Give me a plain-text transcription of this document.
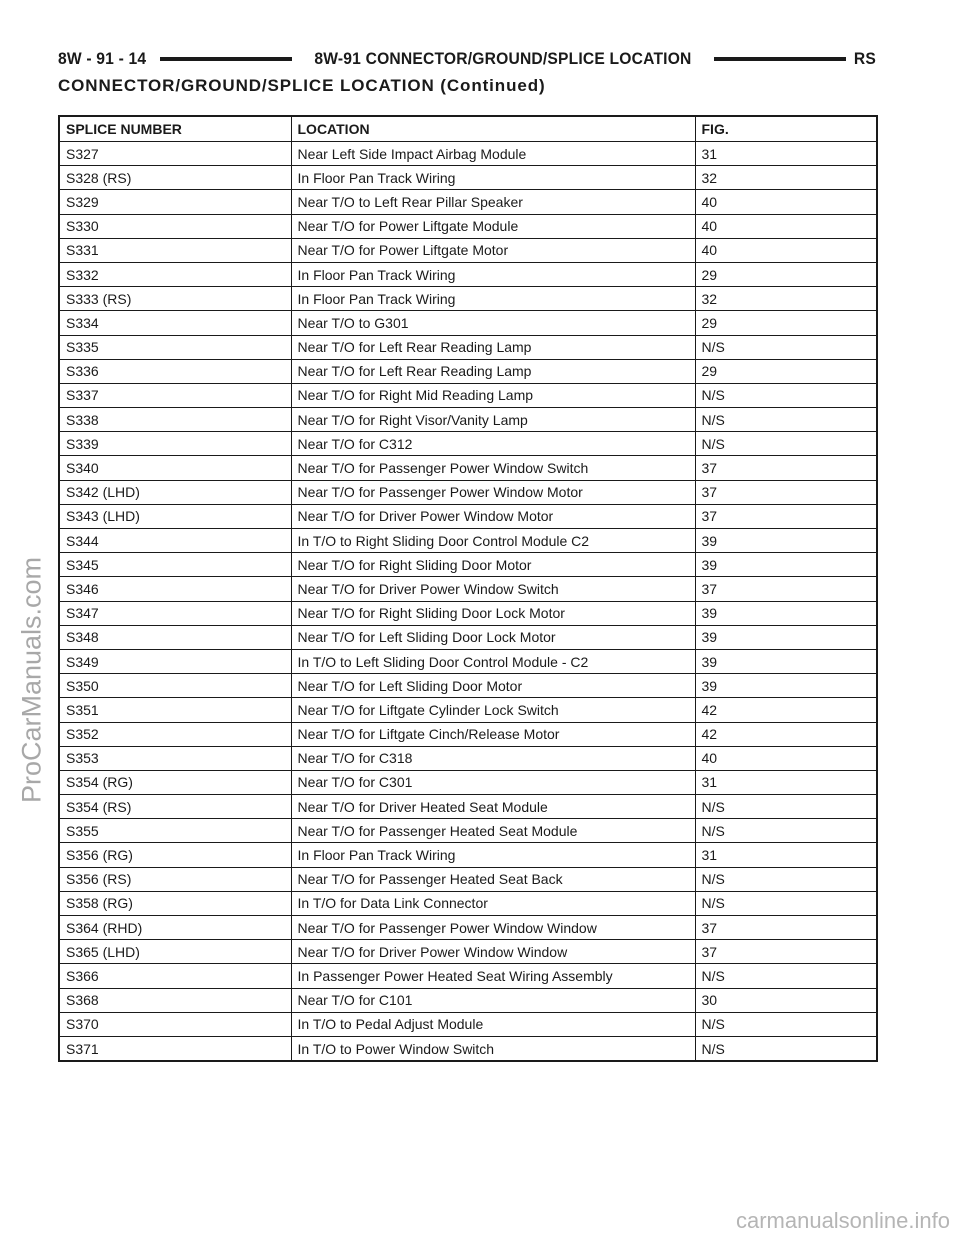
8W - 91 - 14	8W-91 CONNECTOR/GROUND/SPLICE LOCATION	RS
CONNECTOR/GROUND/SPLICE LOCATION (Continued)
SPLICE NUMBER	LOCATION	FIG.
S327	Near Left Side Impact Airbag Module	31
S328 (RS)	In Floor Pan Track Wiring	32
S329	Near T/O to Left Rear Pillar Speaker	40
S330	Near T/O for Power Liftgate Module	40
S331	Near T/O for Power Liftgate Motor	40
S332	In Floor Pan Track Wiring	29
S333 (RS)	In Floor Pan Track Wiring	32
S334	Near T/O to G301	29
S335	Near T/O for Left Rear Reading Lamp	N/S
S336	Near T/O for Left Rear Reading Lamp	29
S337	Near T/O for Right Mid Reading Lamp	N/S
S338	Near T/O for Right Visor/Vanity Lamp	N/S
S339	Near T/O for C312	N/S
S340	Near T/O for Passenger Power Window Switch	37
S342 (LHD)	Near T/O for Passenger Power Window Motor	37
S343 (LHD)	Near T/O for Driver Power Window Motor	37
S344	In T/O to Right Sliding Door Control Module C2	39
S345	Near T/O for Right Sliding Door Motor	39
S346	Near T/O for Driver Power Window Switch	37
S347	Near T/O for Right Sliding Door Lock Motor	39
S348	Near T/O for Left Sliding Door Lock Motor	39
S349	In T/O to Left Sliding Door Control Module - C2	39
S350	Near T/O for Left Sliding Door Motor	39
S351	Near T/O for Liftgate Cylinder Lock Switch	42
S352	Near T/O for Liftgate Cinch/Release Motor	42
S353	Near T/O for C318	40
S354 (RG)	Near T/O for C301	31
S354 (RS)	Near T/O for Driver Heated Seat Module	N/S
S355	Near T/O for Passenger Heated Seat Module	N/S
S356 (RG)	In Floor Pan Track Wiring	31
S356 (RS)	Near T/O for Passenger Heated Seat Back	N/S
S358 (RG)	In T/O for Data Link Connector	N/S
S364 (RHD)	Near T/O for Passenger Power Window Window	37
S365 (LHD)	Near T/O for Driver Power Window Window	37
S366	In Passenger Power Heated Seat Wiring Assembly	N/S
S368	Near T/O for C101	30
S370	In T/O to Pedal Adjust Module	N/S
S371	In T/O to Power Window Switch	N/S
ProCarManuals.com
carmanualsonline.info
